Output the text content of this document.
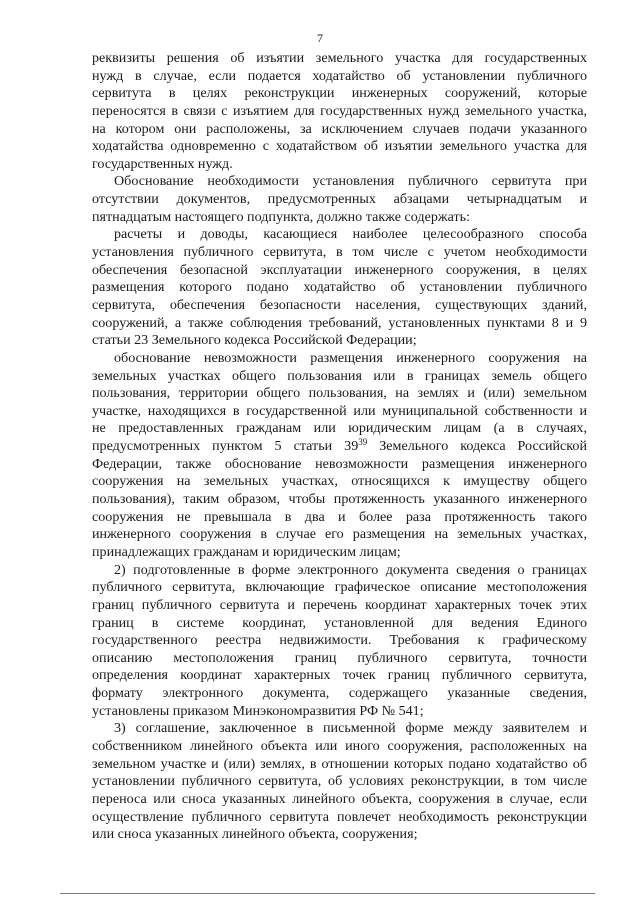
7
реквизиты решения об изъятии земельного участка для государственных
нужд в случае, если подается ходатайство об установлении публичного
сервитута в целях реконструкции инженерных сооружений, которые
переносятся в связи с изъятием для государственных нужд земельного участка,
на котором они расположены, за исключением случаев подачи указанного
ходатайства одновременно с ходатайством об изъятии земельного участка для
государственных нужд.
Обоснование необходимости установления публичного сервитута при
отсутствии документов, предусмотренных абзацами четырнадцатым и
пятнадцатым настоящего подпункта, должно также содержать:
расчеты и доводы, касающиеся наиболее целесообразного способа
установления публичного сервитута, в том числе с учетом необходимости
обеспечения безопасной эксплуатации инженерного сооружения, в целях
размещения которого подано ходатайство об установлении публичного
сервитута, обеспечения безопасности населения, существующих зданий,
сооружений, а также соблюдения требований, установленных пунктами 8 и 9
статьи 23 Земельного кодекса Российской Федерации;
обоснование невозможности размещения инженерного сооружения на
земельных участках общего пользования или в границах земель общего
пользования, территории общего пользования, на землях и (или) земельном
участке, находящихся в государственной или муниципальной собственности и
не предоставленных гражданам или юридическим лицам (а в случаях,
предусмотренных пунктом 5 статьи $39^{39}$ Земельного кодекса Российской
Федерации, также обоснование невозможности размещения инженерного
сооружения на земельных участках, относящихся к имуществу общего
пользования), таким образом, чтобы протяженность указанного инженерного
сооружения не превышала в два и более раза протяженность такого
инженерного сооружения в случае его размещения на земельных участках,
принадлежащих гражданам и юридическим лицам;
2) подготовленные в форме электронного документа сведения о границах
публичного сервитута, включающие графическое описание местоположения
границ публичного сервитута и перечень координат характерных точек этих
границ в системе координат, установленной для ведения Единого
государственного реестра недвижимости. Требования к графическому
описанию местоположения границ публичного сервитута, точности
определения координат характерных точек границ публичного сервитута,
формату электронного документа, содержащего указанные сведения,
установлены приказом Минэкономразвития РФ № 541;
3) соглашение, заключенное в письменной форме между заявителем и
собственником линейного объекта или иного сооружения, расположенных на
земельном участке и (или) землях, в отношении которых подано ходатайство об
установлении публичного сервитута, об условиях реконструкции, в том числе
переноса или сноса указанных линейного объекта, сооружения в случае, если
осуществление публичного сервитута повлечет необходимость реконструкции
или сноса указанных линейного объекта, сооружения;
